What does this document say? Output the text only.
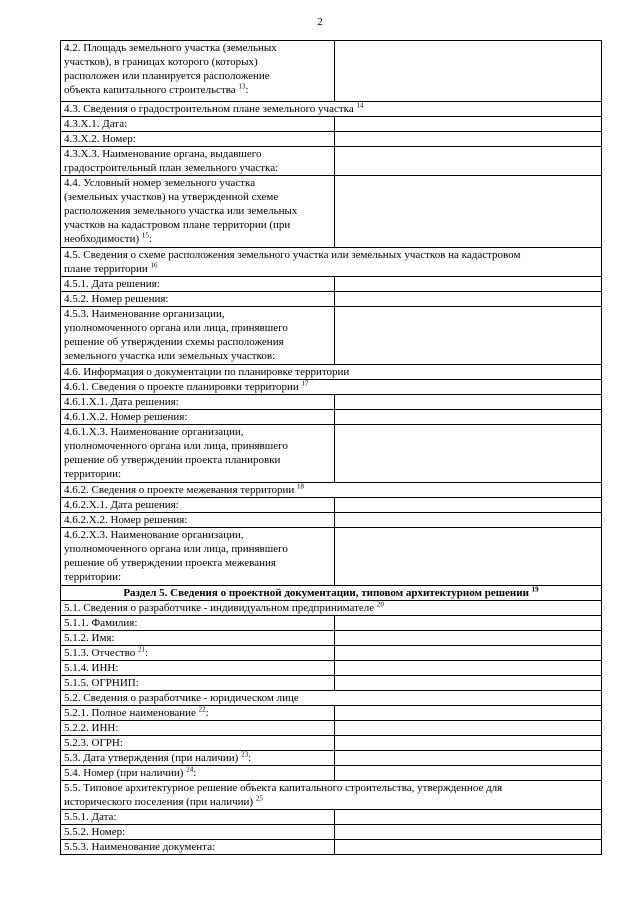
2
4.2. Площадь земельного участка (земельных
участков), в границах которого (которых)
расположен или планируется расположение
объекта капитального строительства $^{13}$:	
4.3. Сведения о градостроительном плане земельного участка $^{14}$
4.3.Х.1. Дата:	
4.3.Х.2. Номер:	
4.3.Х.3. Наименование органа, выдавшего
градостроительный план земельного участка:	
4.4. Условный номер земельного участка
(земельных участков) на утвержденной схеме
расположения земельного участка или земельных
участков на кадастровом плане территории (при
необходимости) $^{15}$:	
4.5. Сведения о схеме расположения земельного участка или земельных участков на кадастровом
плане территории $^{16}$
4.5.1. Дата решения:	
4.5.2. Номер решения:	
4.5.3. Наименование организации,
уполномоченного органа или лица, принявшего
решение об утверждении схемы расположения
земельного участка или земельных участков:	
4.6. Информация о документации по планировке территории	
4.6.1. Сведения о проекте планировки территории $^{17}$
4.6.1.Х.1. Дата решения:	
4.6.1.Х.2. Номер решения:	
4.6.1.Х.3. Наименование организации,
уполномоченного органа или лица, принявшего
решение об утверждении проекта планировки
территории:	
4.6.2. Сведения о проекте межевания территории $^{18}$
4.6.2.Х.1. Дата решения:	
4.6.2.Х.2. Номер решения:	
4.6.2.Х.3. Наименование организации,
уполномоченного органа или лица, принявшего
решение об утверждении проекта межевания
территории:	
Раздел 5. Сведения о проектной документации, типовом архитектурном решении $^{19}$
5.1. Сведения о разработчике - индивидуальном предпринимателе $^{20}$
5.1.1. Фамилия:	
5.1.2. Имя:	
5.1.3. Отчество $^{21}$:	
5.1.4. ИНН:	
5.1.5. ОГРНИП:	
5.2. Сведения о разработчике - юридическом лице	
5.2.1. Полное наименование $^{22}$:	
5.2.2. ИНН:	
5.2.3. ОГРН:	
5.3. Дата утверждения (при наличии) $^{23}$:	
5.4. Номер (при наличии) $^{24}$:	
5.5. Типовое архитектурное решение объекта капитального строительства, утвержденное для
исторического поселения (при наличии) $^{25}$
5.5.1. Дата:	
5.5.2. Номер:	
5.5.3. Наименование документа:	
